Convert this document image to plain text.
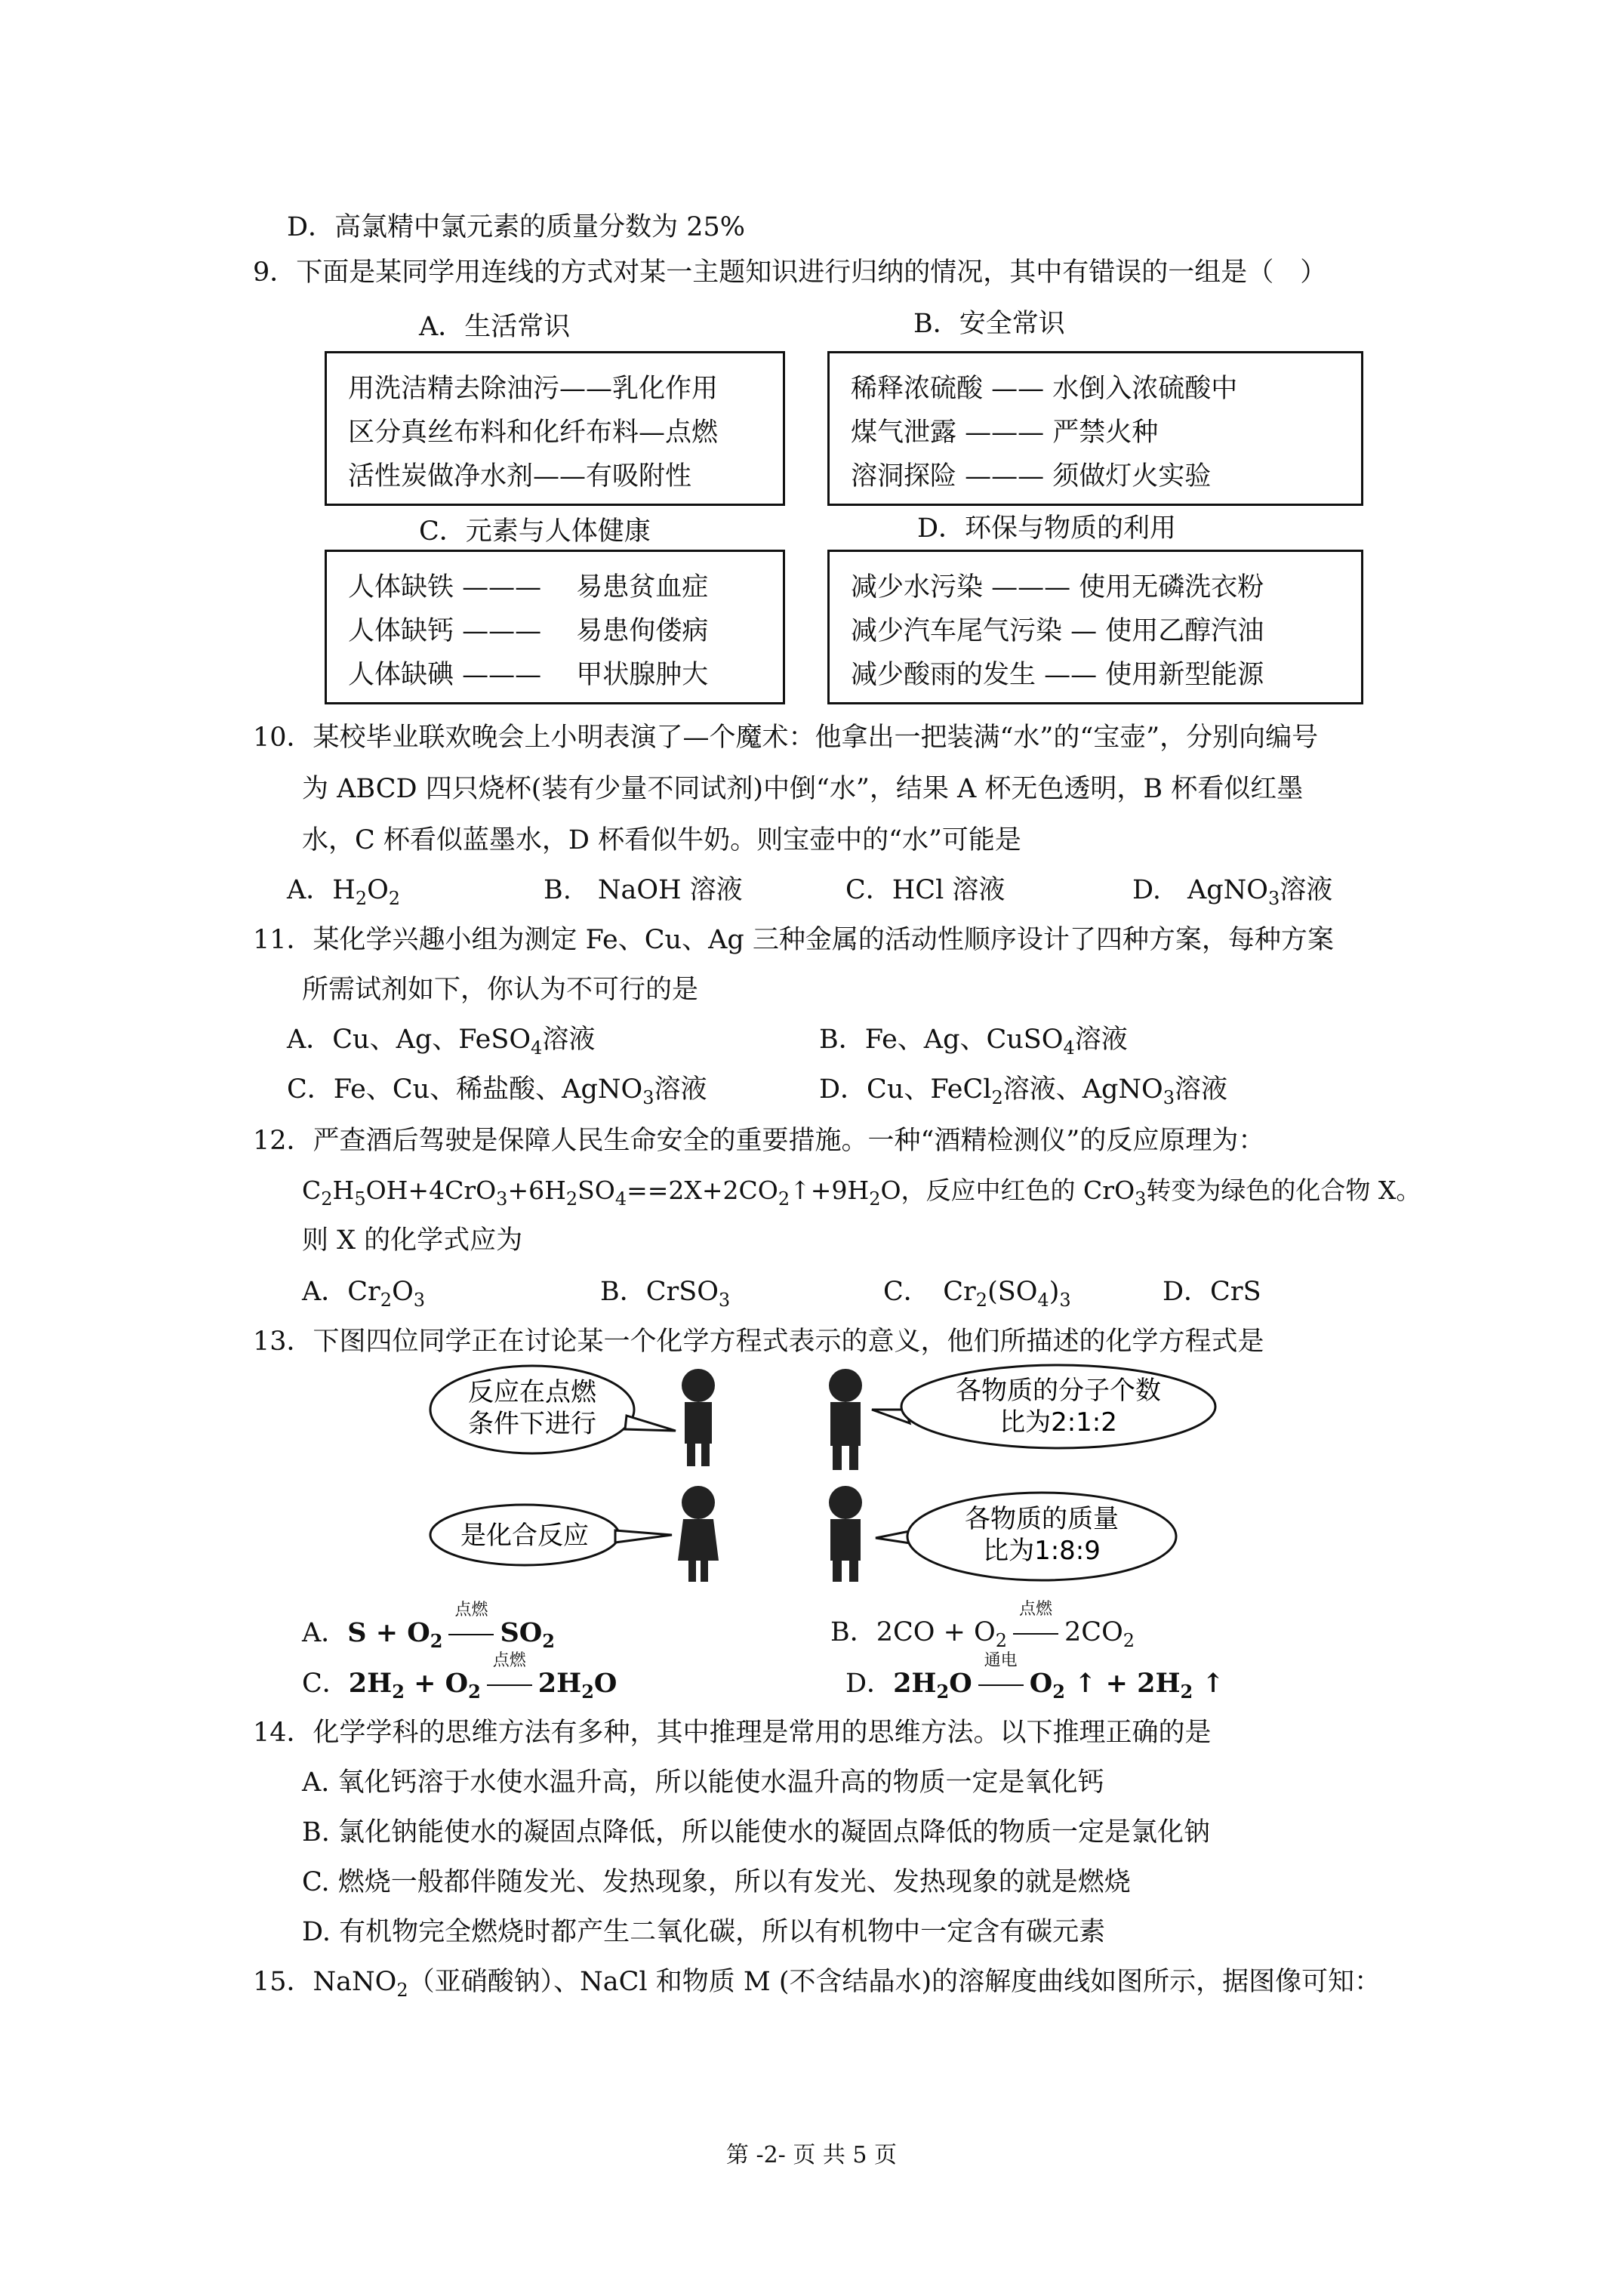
D．高氯精中氯元素的质量分数为 25%
9．下面是某同学用连线的方式对某一主题知识进行归纳的情况，其中有错误的一组是（　）
A．生活常识	B．安全常识
用洗洁精去除油污——乳化作用
区分真丝布料和化纤布料—点燃
活性炭做净水剂——有吸附性
稀释浓硫酸 —— 水倒入浓硫酸中
煤气泄露 ——— 严禁火种
溶洞探险 ——— 须做灯火实验
C．元素与人体健康	D．环保与物质的利用
人体缺铁 ———　 易患贫血症
人体缺钙 ———　 易患佝偻病
人体缺碘 ———　 甲状腺肿大
减少水污染 ——— 使用无磷洗衣粉
减少汽车尾气污染 — 使用乙醇汽油
减少酸雨的发生 —— 使用新型能源
10．某校毕业联欢晚会上小明表演了—个魔术：他拿出一把装满“水”的“宝壶”，分别向编号
为 ABCD 四只烧杯(装有少量不同试剂)中倒“水”，结果 A 杯无色透明，B 杯看似红墨
水，C 杯看似蓝墨水，D 杯看似牛奶。则宝壶中的“水”可能是
A．$H_2O_2$	B.　NaOH 溶液	C．HCl 溶液	D.　AgNO$_3$溶液
11．某化学兴趣小组为测定 Fe、Cu、Ag 三种金属的活动性顺序设计了四种方案，每种方案
所需试剂如下，你认为不可行的是
A．Cu、Ag、FeSO$_4$溶液	B．Fe、Ag、CuSO$_4$溶液
C．Fe、Cu、稀盐酸、AgNO$_3$溶液	D．Cu、FeCl$_2$溶液、AgNO$_3$溶液
12．严查酒后驾驶是保障人民生命安全的重要措施。一种“酒精检测仪”的反应原理为：
$C_2H_5OH+4CrO_3+6H_2SO_4==2X+2CO_2↑+9H_2O$，反应中红色的 CrO$_3$转变为绿色的化合物 X。
则 X 的化学式应为
A．$Cr_2O_3$	B．CrSO$_3$	C．　$Cr_2(SO_4)_3$	D．CrS
13．下图四位同学正在讨论某一个化学方程式表示的意义，他们所描述的化学方程式是
反应在点燃
条件下进行
各物质的分子个数
比为2:1:2
是化合反应
各物质的质量
比为1:8:9
A．$S + O_2$
点燃
$SO_2$	B．$2CO + O_2$
点燃
$2CO_2$
C．$2H_2 + O_2$
点燃
$2H_2O$	D．$2H_2O$
通电
$O_2$ ↑ + $2H_2$ ↑
14．化学学科的思维方法有多种，其中推理是常用的思维方法。以下推理正确的是
A. 氧化钙溶于水使水温升高，所以能使水温升高的物质一定是氧化钙
B. 氯化钠能使水的凝固点降低，所以能使水的凝固点降低的物质一定是氯化钠
C. 燃烧一般都伴随发光、发热现象，所以有发光、发热现象的就是燃烧
D. 有机物完全燃烧时都产生二氧化碳，所以有机物中一定含有碳元素
15．NaNO$_2$（亚硝酸钠）、NaCl 和物质 M (不含结晶水)的溶解度曲线如图所示，据图像可知：
第 -2- 页 共 5 页
